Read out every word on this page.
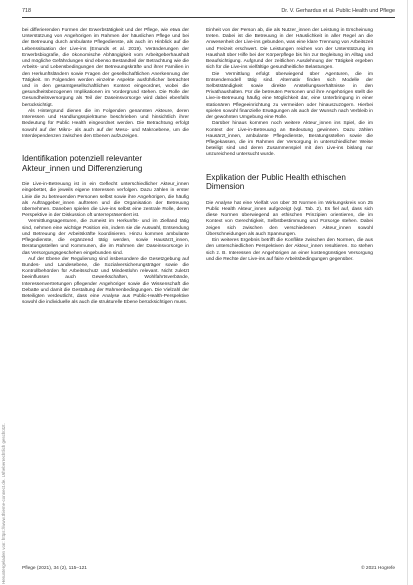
Heruntergeladen von: https://www.thieme-connect.de. Urheberrechtlich geschützt.
718	Dr. V. Gerhardus et al. Public Health und Pflege

bei differierenden Formen der Erwerbstätigkeit und der Pflege, wie etwa der Unterstützung von Angehörigen im Rahmen der häuslichen Pflege und bei der Betreuung durch ambulante Pflegedienste, als auch im Hinblick auf die Lebenssituation der Live-ins (Emunds et al. 2019). Veränderungen der Erwerbsbiografie, die ökonomische Abhängigkeit vom Arbeitgeberhaushalt und mögliche Gefährdungen sind ebenso Bestandteil der Betrachtung wie die Arbeits- und Lebensbedingungen der Betreuungskräfte und ihrer Familien in den Herkunftsländern sowie Fragen der gesellschaftlichen Anerkennung der Tätigkeit. Im Folgenden werden einzelne Aspekte ausführlicher betrachtet und in den gesamtgesellschaftlichen Kontext eingeordnet, wobei die gesundheitsbezogenen Implikationen im Vordergrund stehen. Die Rolle der Gesundheitsversorgung als Teil der Daseinsvorsorge wird dabei ebenfalls berücksichtigt.

Als Hintergrund dienen die im Folgenden genannten Akteure, deren Interessen und Handlungsspielräume beschrieben und hinsichtlich ihrer Bedeutung für Public Health eingeordnet werden. Die Betrachtung erfolgt sowohl auf der Mikro- als auch auf der Meso- und Makroebene, um die Interdependenzen zwischen den Ebenen aufzuzeigen.

Identifikation potenziell relevanter Akteur_innen und Differenzierung

Die Live-in-Betreuung ist in ein Geflecht unterschiedlicher Akteur_innen eingebettet, die jeweils eigene Interessen verfolgen. Dazu zählen in erster Linie die zu betreuenden Personen selbst sowie ihre Angehörigen, die häufig als Auftraggeber_innen auftreten und die Organisation der Betreuung übernehmen. Daneben spielen die Live-ins selbst eine zentrale Rolle, deren Perspektive in der Diskussion oft unterrepräsentiert ist.

Vermittlungsagenturen, die zumeist im Herkunfts- und im Zielland tätig sind, nehmen eine wichtige Position ein, indem sie die Auswahl, Entsendung und Betreuung der Arbeitskräfte koordinieren. Hinzu kommen ambulante Pflegedienste, die ergänzend tätig werden, sowie Hausärzt_innen, Beratungsstellen und Kommunen, die im Rahmen der Daseinsvorsorge in das Versorgungsgeschehen eingebunden sind.

Auf der Ebene der Regulierung sind insbesondere die Gesetzgebung auf Bundes- und Landesebene, die Sozialversicherungsträger sowie die Kontrollbehörden für Arbeitsschutz und Mindestlohn relevant. Nicht zuletzt beeinflussen auch Gewerkschaften, Wohlfahrtsverbände, Interessenvertretungen pflegender Angehöriger sowie die Wissenschaft die Debatte und damit die Gestaltung der Rahmenbedingungen. Die Vielzahl der Beteiligten verdeutlicht, dass eine Analyse aus Public-Health-Perspektive sowohl die individuelle als auch die strukturelle Ebene berücksichtigen muss.

Einheit von der Person ab, die als Nutzer_innen der Leistung in Erscheinung treten. Dabei ist die Betreuung in der Häuslichkeit in aller Regel an die Anwesenheit der Live-ins gebunden, was eine klare Trennung von Arbeitszeit und Freizeit erschwert. Die Leistungen reichen von der Unterstützung im Haushalt über Hilfe bei der Körperpflege bis hin zur Begleitung im Alltag und Beaufsichtigung. Aufgrund der zeitlichen Ausdehnung der Tätigkeit ergeben sich für die Live-ins vielfältige gesundheitliche Belastungen.

Die Vermittlung erfolgt überwiegend über Agenturen, die im Entsendemodell tätig sind. Alternativ finden sich Modelle der Selbstständigkeit sowie direkte Anstellungsverhältnisse in den Privathaushalten. Für die betreuten Personen und ihre Angehörigen stellt die Live-in-Betreuung häufig eine Möglichkeit dar, eine Unterbringung in einer stationären Pflegeeinrichtung zu vermeiden oder hinauszuzögern. Hierbei spielen sowohl finanzielle Erwägungen als auch der Wunsch nach Verbleib in der gewohnten Umgebung eine Rolle.

Darüber hinaus kommen noch weitere Akteur_innen ins Spiel, die im Kontext der Live-in-Betreuung an Bedeutung gewinnen. Dazu zählen Hausärzt_innen, ambulante Pflegedienste, Beratungsstellen sowie die Pflegekassen, die im Rahmen der Versorgung in unterschiedlicher Weise beteiligt sind und deren Zusammenspiel mit den Live-ins bislang nur unzureichend untersucht wurde.

Explikation der Public Health ethischen Dimension

Die Analyse hat eine Vielfalt von über 30 Normen im Wirkungskreis von 25 Public Health Akteur_innen aufgezeigt (vgl. Tab. 2). Es fiel auf, dass sich diese Normen überwiegend an ethischen Prinzipien orientieren, die im Kontext von Gerechtigkeit, Selbstbestimmung und Fürsorge stehen. Dabei zeigen sich zwischen den verschiedenen Akteur_innen sowohl Überschneidungen als auch Spannungen.

Ein weiteres Ergebnis betrifft die Konflikte zwischen den Normen, die aus den unterschiedlichen Perspektiven der Akteur_innen resultieren. So stehen sich z. B. Interessen der Angehörigen an einer kostengünstigen Versorgung und die Rechte der Live-ins auf faire Arbeitsbedingungen gegenüber.

Pflege (2021), 34 (2), 115–121	© 2021 Hogrefe
